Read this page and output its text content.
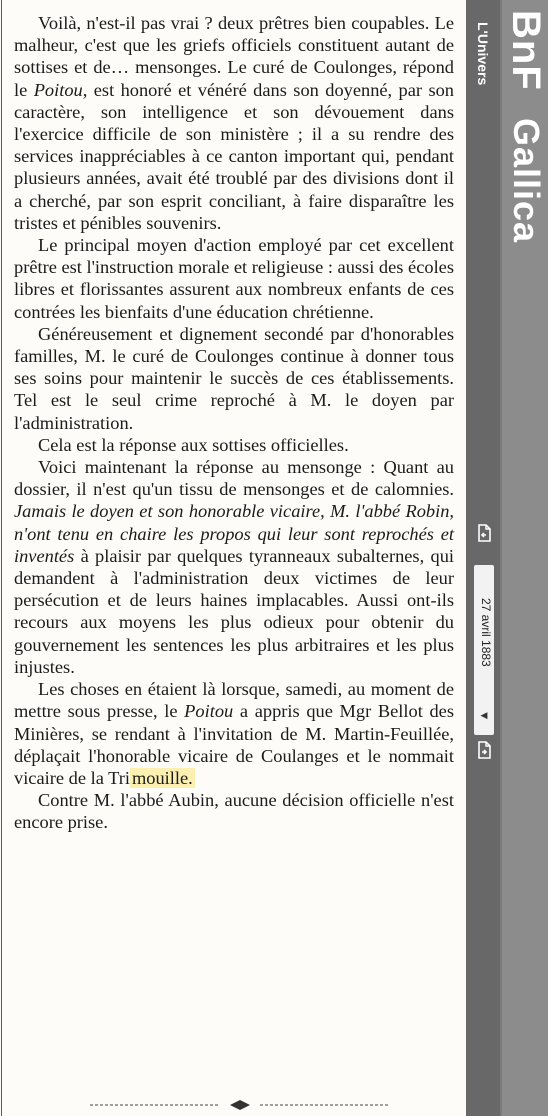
Voilà, n'est-il pas vrai ? deux prêtres bien coupables. Le malheur, c'est que les griefs officiels constituent autant de sottises et de… mensonges. Le curé de Coulonges, répond le Poitou, est honoré et vénéré dans son doyenné, par son caractère, son intelligence et son dévouement dans l'exercice difficile de son ministère ; il a su rendre des services inappréciables à ce canton important qui, pendant plusieurs années, avait été troublé par des divisions dont il a cherché, par son esprit conciliant, à faire disparaître les tristes et pénibles souvenirs.

Le principal moyen d'action employé par cet excellent prêtre est l'instruction morale et religieuse : aussi des écoles libres et florissantes assurent aux nombreux enfants de ces contrées les bienfaits d'une éducation chrétienne.

Généreusement et dignement secondé par d'honorables familles, M. le curé de Coulonges continue à donner tous ses soins pour maintenir le succès de ces établissements. Tel est le seul crime reproché à M. le doyen par l'administration.

Cela est la réponse aux sottises officielles.

Voici maintenant la réponse au mensonge : Quant au dossier, il n'est qu'un tissu de mensonges et de calomnies. Jamais le doyen et son honorable vicaire, M. l'abbé Robin, n'ont tenu en chaire les propos qui leur sont reprochés et inventés à plaisir par quelques tyranneaux subalternes, qui demandent à l'administration deux victimes de leur persécution et de leurs haines implacables. Aussi ont-ils recours aux moyens les plus odieux pour obtenir du gouvernement les sentences les plus arbitraires et les plus injustes.

Les choses en étaient là lorsque, samedi, au moment de mettre sous presse, le Poitou a appris que Mgr Bellot des Minières, se rendant à l'invitation de M. Martin-Feuillée, déplaçait l'honorable vicaire de Coulanges et le nommait vicaire de la Tri mouille.

Contre M. l'abbé Aubin, aucune décision officielle n'est encore prise.

L'Univers BnF
Gallica
27 avril 1883
◀
